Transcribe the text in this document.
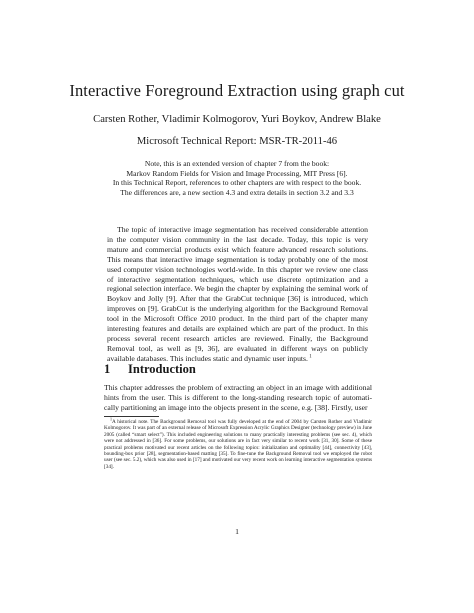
Interactive Foreground Extraction using graph cut
Carsten Rother, Vladimir Kolmogorov, Yuri Boykov, Andrew Blake
Microsoft Technical Report: MSR-TR-2011-46
Note, this is an extended version of chapter 7 from the book:
Markov Random Fields for Vision and Image Processing, MIT Press [6].
In this Technical Report, references to other chapters are with respect to the book.
The differences are, a new section 4.3 and extra details in section 3.2 and 3.3
The topic of interactive image segmentation has received considerable attention in the computer vision community in the last decade. Today, this topic is very mature and commercial products exist which feature advanced research solutions. This means that interactive image segmentation is today probably one of the most used computer vision technologies world-wide. In this chapter we review one class of interactive segmentation techniques, which use discrete optimization and a regional selection interface. We begin the chapter by explaining the seminal work of Boykov and Jolly [9]. After that the GrabCut technique [36] is introduced, which improves on [9]. GrabCut is the underlying algorithm for the Background Removal tool in the Microsoft Office 2010 product. In the third part of the chapter many interesting features and details are explained which are part of the product. In this process several recent research articles are reviewed. Finally, the Background Removal tool, as well as [9, 36], are evaluated in different ways on publicly available databases. This includes static and dynamic user inputs. $^1$
1 Introduction
This chapter addresses the problem of extracting an object in an image with additional hints from the user. This is different to the long-standing research topic of automatically partitioning an image into the objects present in the scene, e.g. [38]. Firstly, user
$^1$A historical note. The Background Removal tool was fully developed at the end of 2004 by Carsten Rother and Vladimir Kolmogorov. It was part of an external release of Microsoft Expression Acrylic Graphics Designer (technology preview) in June 2005 (called “smart select”). This included engineering solutions to many practically interesting problems (see sec. 4), which were not addressed in [36]. For some problems, our solutions are in fact very similar to recent work [31, 30]. Some of these practical problems motivated our recent articles on the following topics: initialization and optimality [44], connectivity [43], bounding-box prior [28], segmentation-based matting [35]. To fine-tune the Background Removal tool we employed the robot user (see sec. 5.2), which was also used in [17] and motivated our very recent work on learning interactive segmentation systems [34].
1
